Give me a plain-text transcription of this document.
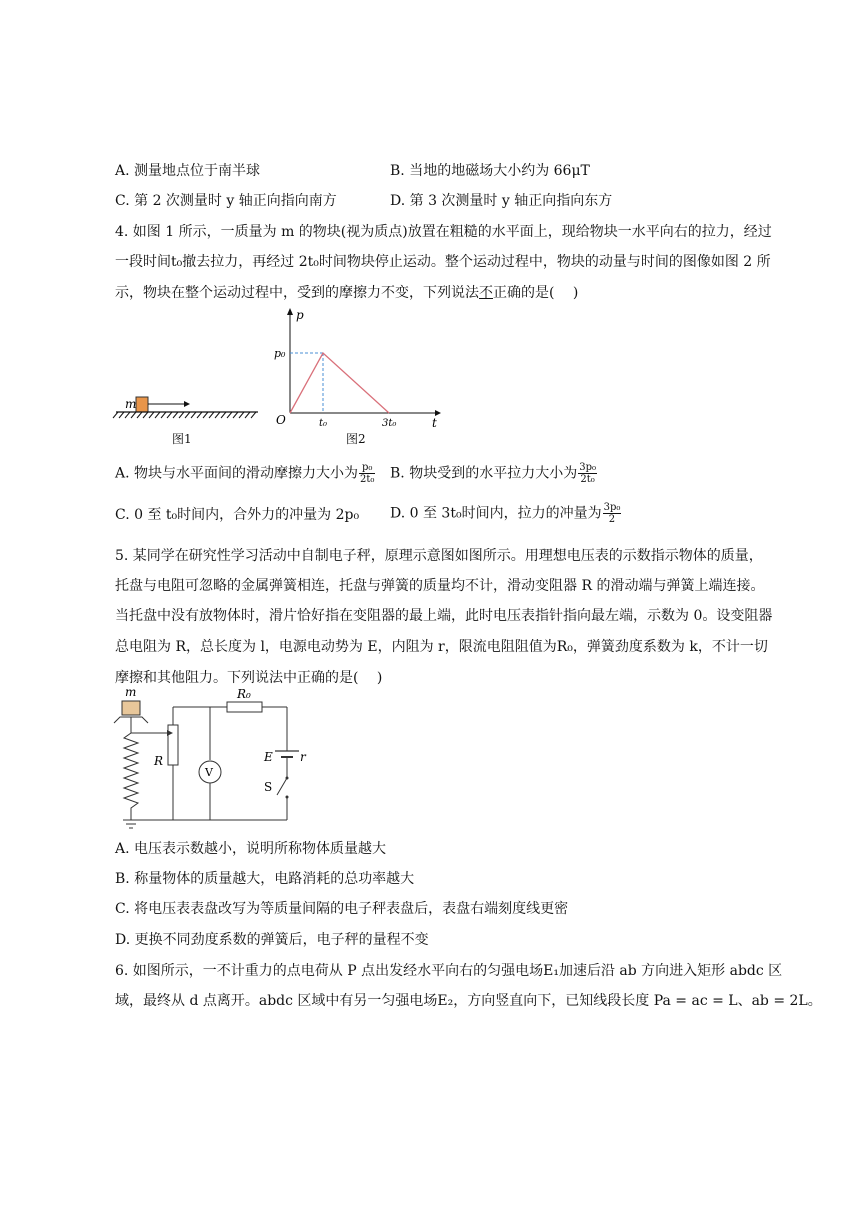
A. 测量地点位于南半球	B. 当地的地磁场大小约为 66μT
C. 第 2 次测量时 y 轴正向指向南方	D. 第 3 次测量时 y 轴正向指向东方
4. 如图 1 所示，一质量为 m 的物块(视为质点)放置在粗糙的水平面上，现给物块一水平向右的拉力，经过
一段时间t₀撤去拉力，再经过 2t₀时间物块停止运动。整个运动过程中，物块的动量与时间的图像如图 2 所
示，物块在整个运动过程中，受到的摩擦力不变，下列说法不正确的是(　 )
m
图1
p
t
O
p₀
t₀	3t₀
图2
A. 物块与水平面间的滑动摩擦力大小为 $\frac{\text{p₀}}{\text{2t₀}} B$. 物块受到的水平拉力大小为 $\frac{\text{3p₀}}{\text{2t₀}}$
C. 0 至 t₀时间内，合外力的冲量为 2p₀ D. 0 至 3t₀时间内，拉力的冲量为 $\frac{\text{3p₀}}{2}$
5. 某同学在研究性学习活动中自制电子秤，原理示意图如图所示。用理想电压表的示数指示物体的质量，
托盘与电阻可忽略的金属弹簧相连，托盘与弹簧的质量均不计，滑动变阻器 R 的滑动端与弹簧上端连接。
当托盘中没有放物体时，滑片恰好指在变阻器的最上端，此时电压表指针指向最左端，示数为 0。设变阻器
总电阻为 R，总长度为 l，电源电动势为 E，内阻为 r，限流电阻阻值为R₀，弹簧劲度系数为 k，不计一切
摩擦和其他阻力。下列说法中正确的是(　 )
m
R
R₀
V
E r
S
A. 电压表示数越小，说明所称物体质量越大
B. 称量物体的质量越大，电路消耗的总功率越大
C. 将电压表表盘改写为等质量间隔的电子秤表盘后，表盘右端刻度线更密
D. 更换不同劲度系数的弹簧后，电子秤的量程不变
6. 如图所示，一不计重力的点电荷从 P 点出发经水平向右的匀强电场E₁加速后沿 ab 方向进入矩形 abdc 区
域，最终从 d 点离开。abdc 区域中有另一匀强电场E₂，方向竖直向下，已知线段长度 Pa = ac = L、ab = 2L。
